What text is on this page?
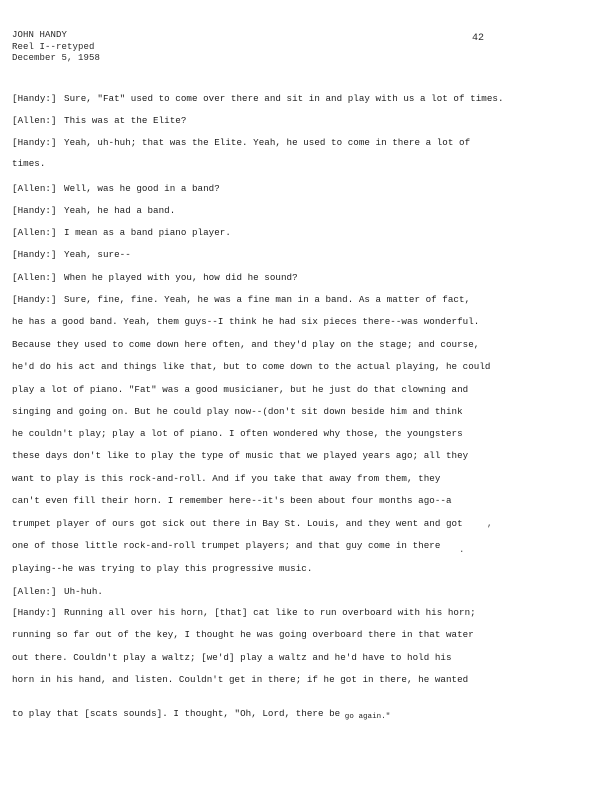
JOHN HANDY
Reel I--retyped
December 5, 1958
42
[Handy:] Sure, "Fat" used to come over there and sit in and play with us a lot of times.
[Allen:] This was at the Elite?
[Handy:] Yeah, uh-huh; that was the Elite. Yeah, he used to come in there a lot of
times.
[Allen:] Well, was he good in a band?
[Handy:] Yeah, he had a band.
[Allen:] I mean as a band piano player.
[Handy:] Yeah, sure--
[Allen:] When he played with you, how did he sound?
[Handy:] Sure, fine, fine. Yeah, he was a fine man in a band. As a matter of fact,
he has a good band. Yeah, them guys--I think he had six pieces there--was wonderful.
Because they used to come down here often, and they'd play on the stage; and course,
he'd do his act and things like that, but to come down to the actual playing, he could
play a lot of piano. "Fat" was a good musicianer, but he just do that clowning and
singing and going on. But he could play now--(don't sit down beside him and think
he couldn't play; play a lot of piano. I often wondered why those, the youngsters
these days don't like to play the type of music that we played years ago; all they
want to play is this rock-and-roll. And if you take that away from them, they
can't even fill their horn. I remember here--it's been about four months ago--a
trumpet player of ours got sick out there in Bay St. Louis, and they went and got
one of those little rock-and-roll trumpet players; and that guy come in there
playing--he was trying to play this progressive music.
[Allen:] Uh-huh.
[Handy:] Running all over his horn, [that] cat like to run overboard with his horn;
running so far out of the key, I thought he was going overboard there in that water
out there. Couldn't play a waltz; [we'd] play a waltz and he'd have to hold his
horn in his hand, and listen. Couldn't get in there; if he got in there, he wanted
to play that [scats sounds]. I thought, "Oh, Lord, there be $_{go again."}$
,
.
